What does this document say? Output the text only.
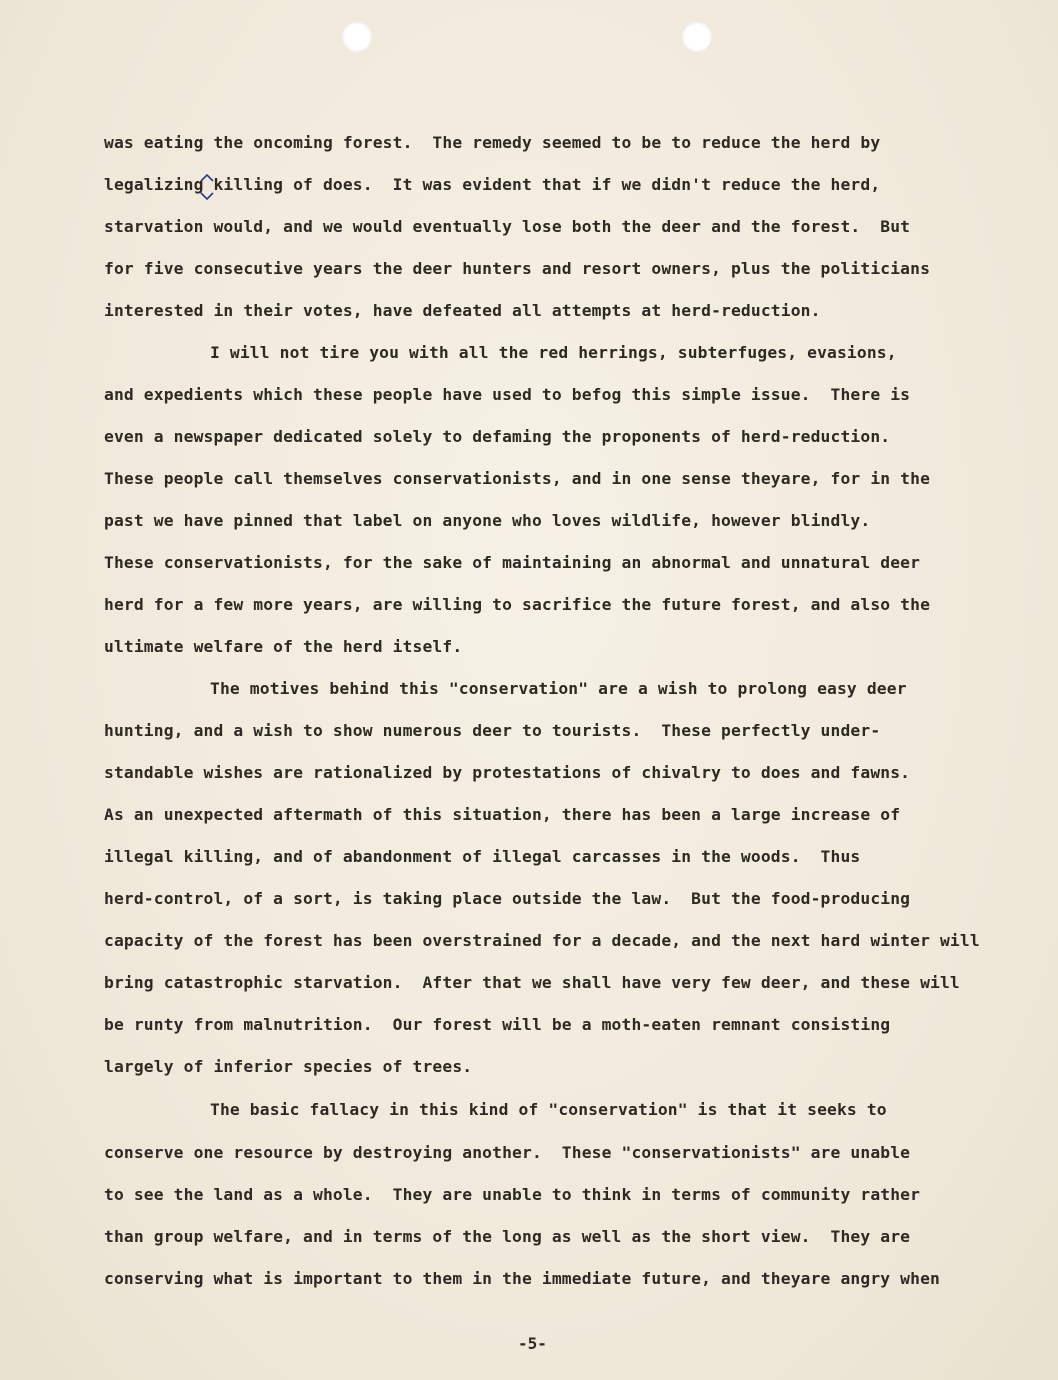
was eating the oncoming forest.  The remedy seemed to be to reduce the herd by
legalizing killing of does.  It was evident that if we didn't reduce the herd,
starvation would, and we would eventually lose both the deer and the forest.  But
for five consecutive years the deer hunters and resort owners, plus the politicians
interested in their votes, have defeated all attempts at herd-reduction.
I will not tire you with all the red herrings, subterfuges, evasions,
and expedients which these people have used to befog this simple issue.  There is
even a newspaper dedicated solely to defaming the proponents of herd-reduction.
These people call themselves conservationists, and in one sense theyare, for in the
past we have pinned that label on anyone who loves wildlife, however blindly.
These conservationists, for the sake of maintaining an abnormal and unnatural deer
herd for a few more years, are willing to sacrifice the future forest, and also the
ultimate welfare of the herd itself.
The motives behind this "conservation" are a wish to prolong easy deer
hunting, and a wish to show numerous deer to tourists.  These perfectly under-
standable wishes are rationalized by protestations of chivalry to does and fawns.
As an unexpected aftermath of this situation, there has been a large increase of
illegal killing, and of abandonment of illegal carcasses in the woods.  Thus
herd-control, of a sort, is taking place outside the law.  But the food-producing
capacity of the forest has been overstrained for a decade, and the next hard winter will
bring catastrophic starvation.  After that we shall have very few deer, and these will
be runty from malnutrition.  Our forest will be a moth-eaten remnant consisting
largely of inferior species of trees.
The basic fallacy in this kind of "conservation" is that it seeks to
conserve one resource by destroying another.  These "conservationists" are unable
to see the land as a whole.  They are unable to think in terms of community rather
than group welfare, and in terms of the long as well as the short view.  They are
conserving what is important to them in the immediate future, and theyare angry when
-5-
